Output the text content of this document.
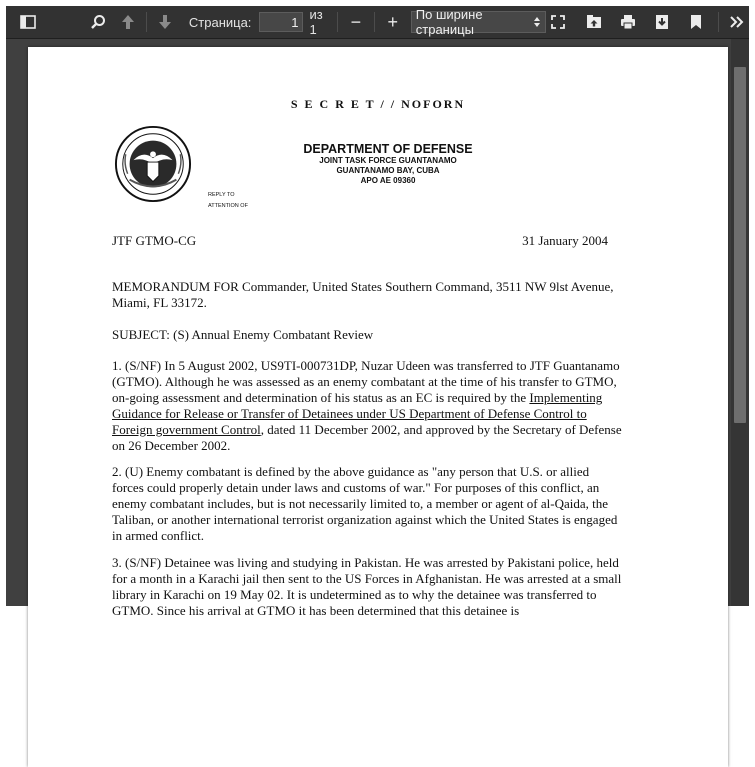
Страница:	1
из 1	−	+	По ширине страницы
S E C R E T / / NOFORN
DEPARTMENT OF DEFENSE
JOINT TASK FORCE GUANTANAMO
GUANTANAMO BAY, CUBA
APO AE 09360
REPLY TO
ATTENTION OF
JTF GTMO-CG	31 January 2004

MEMORANDUM FOR Commander, United States Southern Command, 3511 NW 9lst Avenue, Miami, FL 33172.

SUBJECT: (S) Annual Enemy Combatant Review

1. (S/NF) In 5 August 2002, US9TI-000731DP, Nuzar Udeen was transferred to JTF Guantanamo (GTMO). Although he was assessed as an enemy combatant at the time of his transfer to GTMO, on-going assessment and determination of his status as an EC is required by the Implementing Guidance for Release or Transfer of Detainees under US Department of Defense Control to Foreign government Control, dated 11 December 2002, and approved by the Secretary of Defense on 26 December 2002.

2. (U) Enemy combatant is defined by the above guidance as "any person that U.S. or allied forces could properly detain under laws and customs of war." For purposes of this conflict, an enemy combatant includes, but is not necessarily limited to, a member or agent of al-Qaida, the Taliban, or another international terrorist organization against which the United States is engaged in armed conflict.

3. (S/NF) Detainee was living and studying in Pakistan. He was arrested by Pakistani police, held for a month in a Karachi jail then sent to the US Forces in Afghanistan. He was arrested at a small library in Karachi on 19 May 02. It is undetermined as to why the detainee was transferred to GTMO. Since his arrival at GTMO it has been determined that this detainee is
